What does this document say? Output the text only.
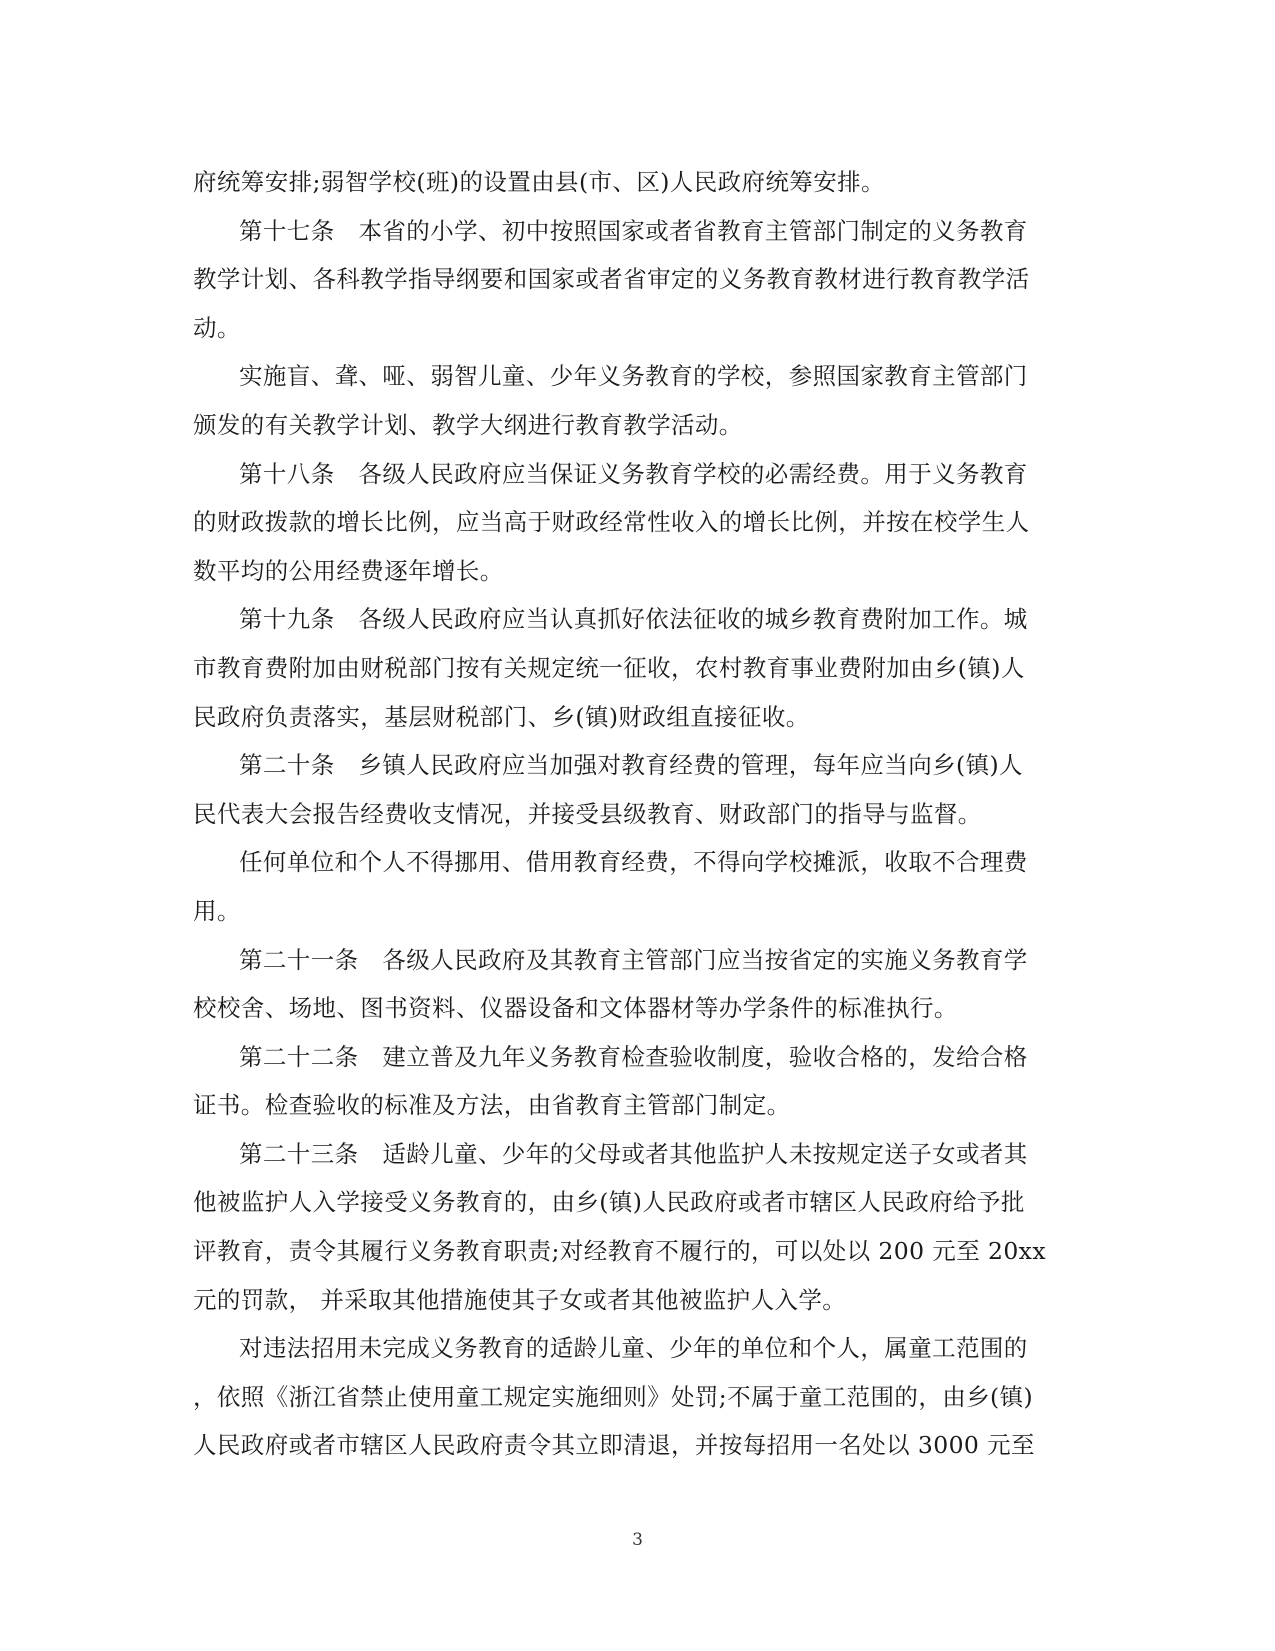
府统筹安排;弱智学校(班)的设置由县(市、区)人民政府统筹安排。
第十七条　本省的小学、初中按照国家或者省教育主管部门制定的义务教育
教学计划、各科教学指导纲要和国家或者省审定的义务教育教材进行教育教学活
动。
实施盲、聋、哑、弱智儿童、少年义务教育的学校，参照国家教育主管部门
颁发的有关教学计划、教学大纲进行教育教学活动。
第十八条　各级人民政府应当保证义务教育学校的必需经费。用于义务教育
的财政拨款的增长比例，应当高于财政经常性收入的增长比例，并按在校学生人
数平均的公用经费逐年增长。
第十九条　各级人民政府应当认真抓好依法征收的城乡教育费附加工作。城
市教育费附加由财税部门按有关规定统一征收，农村教育事业费附加由乡(镇)人
民政府负责落实，基层财税部门、乡(镇)财政组直接征收。
第二十条　乡镇人民政府应当加强对教育经费的管理，每年应当向乡(镇)人
民代表大会报告经费收支情况，并接受县级教育、财政部门的指导与监督。
任何单位和个人不得挪用、借用教育经费，不得向学校摊派，收取不合理费
用。
第二十一条　各级人民政府及其教育主管部门应当按省定的实施义务教育学
校校舍、场地、图书资料、仪器设备和文体器材等办学条件的标准执行。
第二十二条　建立普及九年义务教育检查验收制度，验收合格的，发给合格
证书。检查验收的标准及方法，由省教育主管部门制定。
第二十三条　适龄儿童、少年的父母或者其他监护人未按规定送子女或者其
他被监护人入学接受义务教育的，由乡(镇)人民政府或者市辖区人民政府给予批
评教育，责令其履行义务教育职责;对经教育不履行的，可以处以 200 元至 20xx
元的罚款， 并采取其他措施使其子女或者其他被监护人入学。
对违法招用未完成义务教育的适龄儿童、少年的单位和个人，属童工范围的
，依照《浙江省禁止使用童工规定实施细则》处罚;不属于童工范围的，由乡(镇)
人民政府或者市辖区人民政府责令其立即清退，并按每招用一名处以 3000 元至
3
